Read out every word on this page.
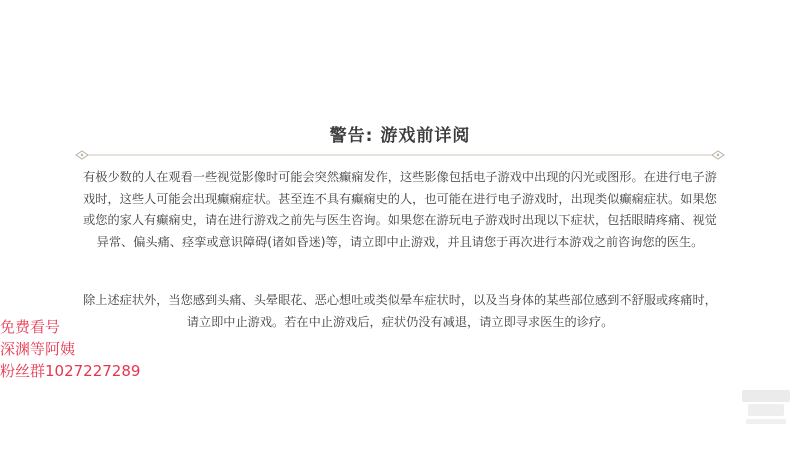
警告: 游戏前详阅
有极少数的人在观看一些视觉影像时可能会突然癫痫发作，这些影像包括电子游戏中出现的闪光或图形。在进行电子游戏时，这些人可能会出现癫痫症状。甚至连不具有癫痫史的人，也可能在进行电子游戏时，出现类似癫痫症状。如果您或您的家人有癫痫史，请在进行游戏之前先与医生咨询。如果您在游玩电子游戏时出现以下症状，包括眼睛疼痛、视觉异常、偏头痛、痉挛或意识障碍(诸如昏迷)等，请立即中止游戏，并且请您于再次进行本游戏之前咨询您的医生。
除上述症状外，当您感到头痛、头晕眼花、恶心想吐或类似晕车症状时，以及当身体的某些部位感到不舒服或疼痛时，请立即中止游戏。若在中止游戏后，症状仍没有减退，请立即寻求医生的诊疗。
免费看号
深渊等阿姨
粉丝群1027227289
